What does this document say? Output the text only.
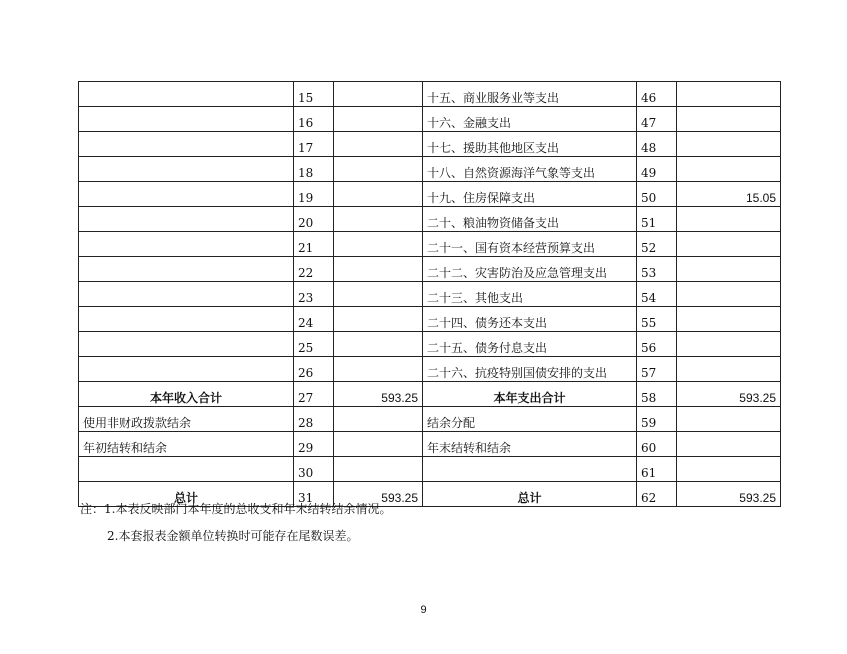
	15		十五、商业服务业等支出	46	
	16		十六、金融支出	47	
	17		十七、援助其他地区支出	48	
	18		十八、自然资源海洋气象等支出	49	
	19		十九、住房保障支出	50	15.05
	20		二十、粮油物资储备支出	51	
	21		二十一、国有资本经营预算支出	52	
	22		二十二、灾害防治及应急管理支出	53	
	23		二十三、其他支出	54	
	24		二十四、债务还本支出	55	
	25		二十五、债务付息支出	56	
	26		二十六、抗疫特别国债安排的支出	57	
本年收入合计	27	593.25	本年支出合计	58	593.25
使用非财政拨款结余	28		结余分配	59	
年初结转和结余	29		年末结转和结余	60	
	30			61	
总计	31	593.25	总计	62	593.25
注：1.本表反映部门本年度的总收支和年末结转结余情况。
2.本套报表金额单位转换时可能存在尾数误差。
9
